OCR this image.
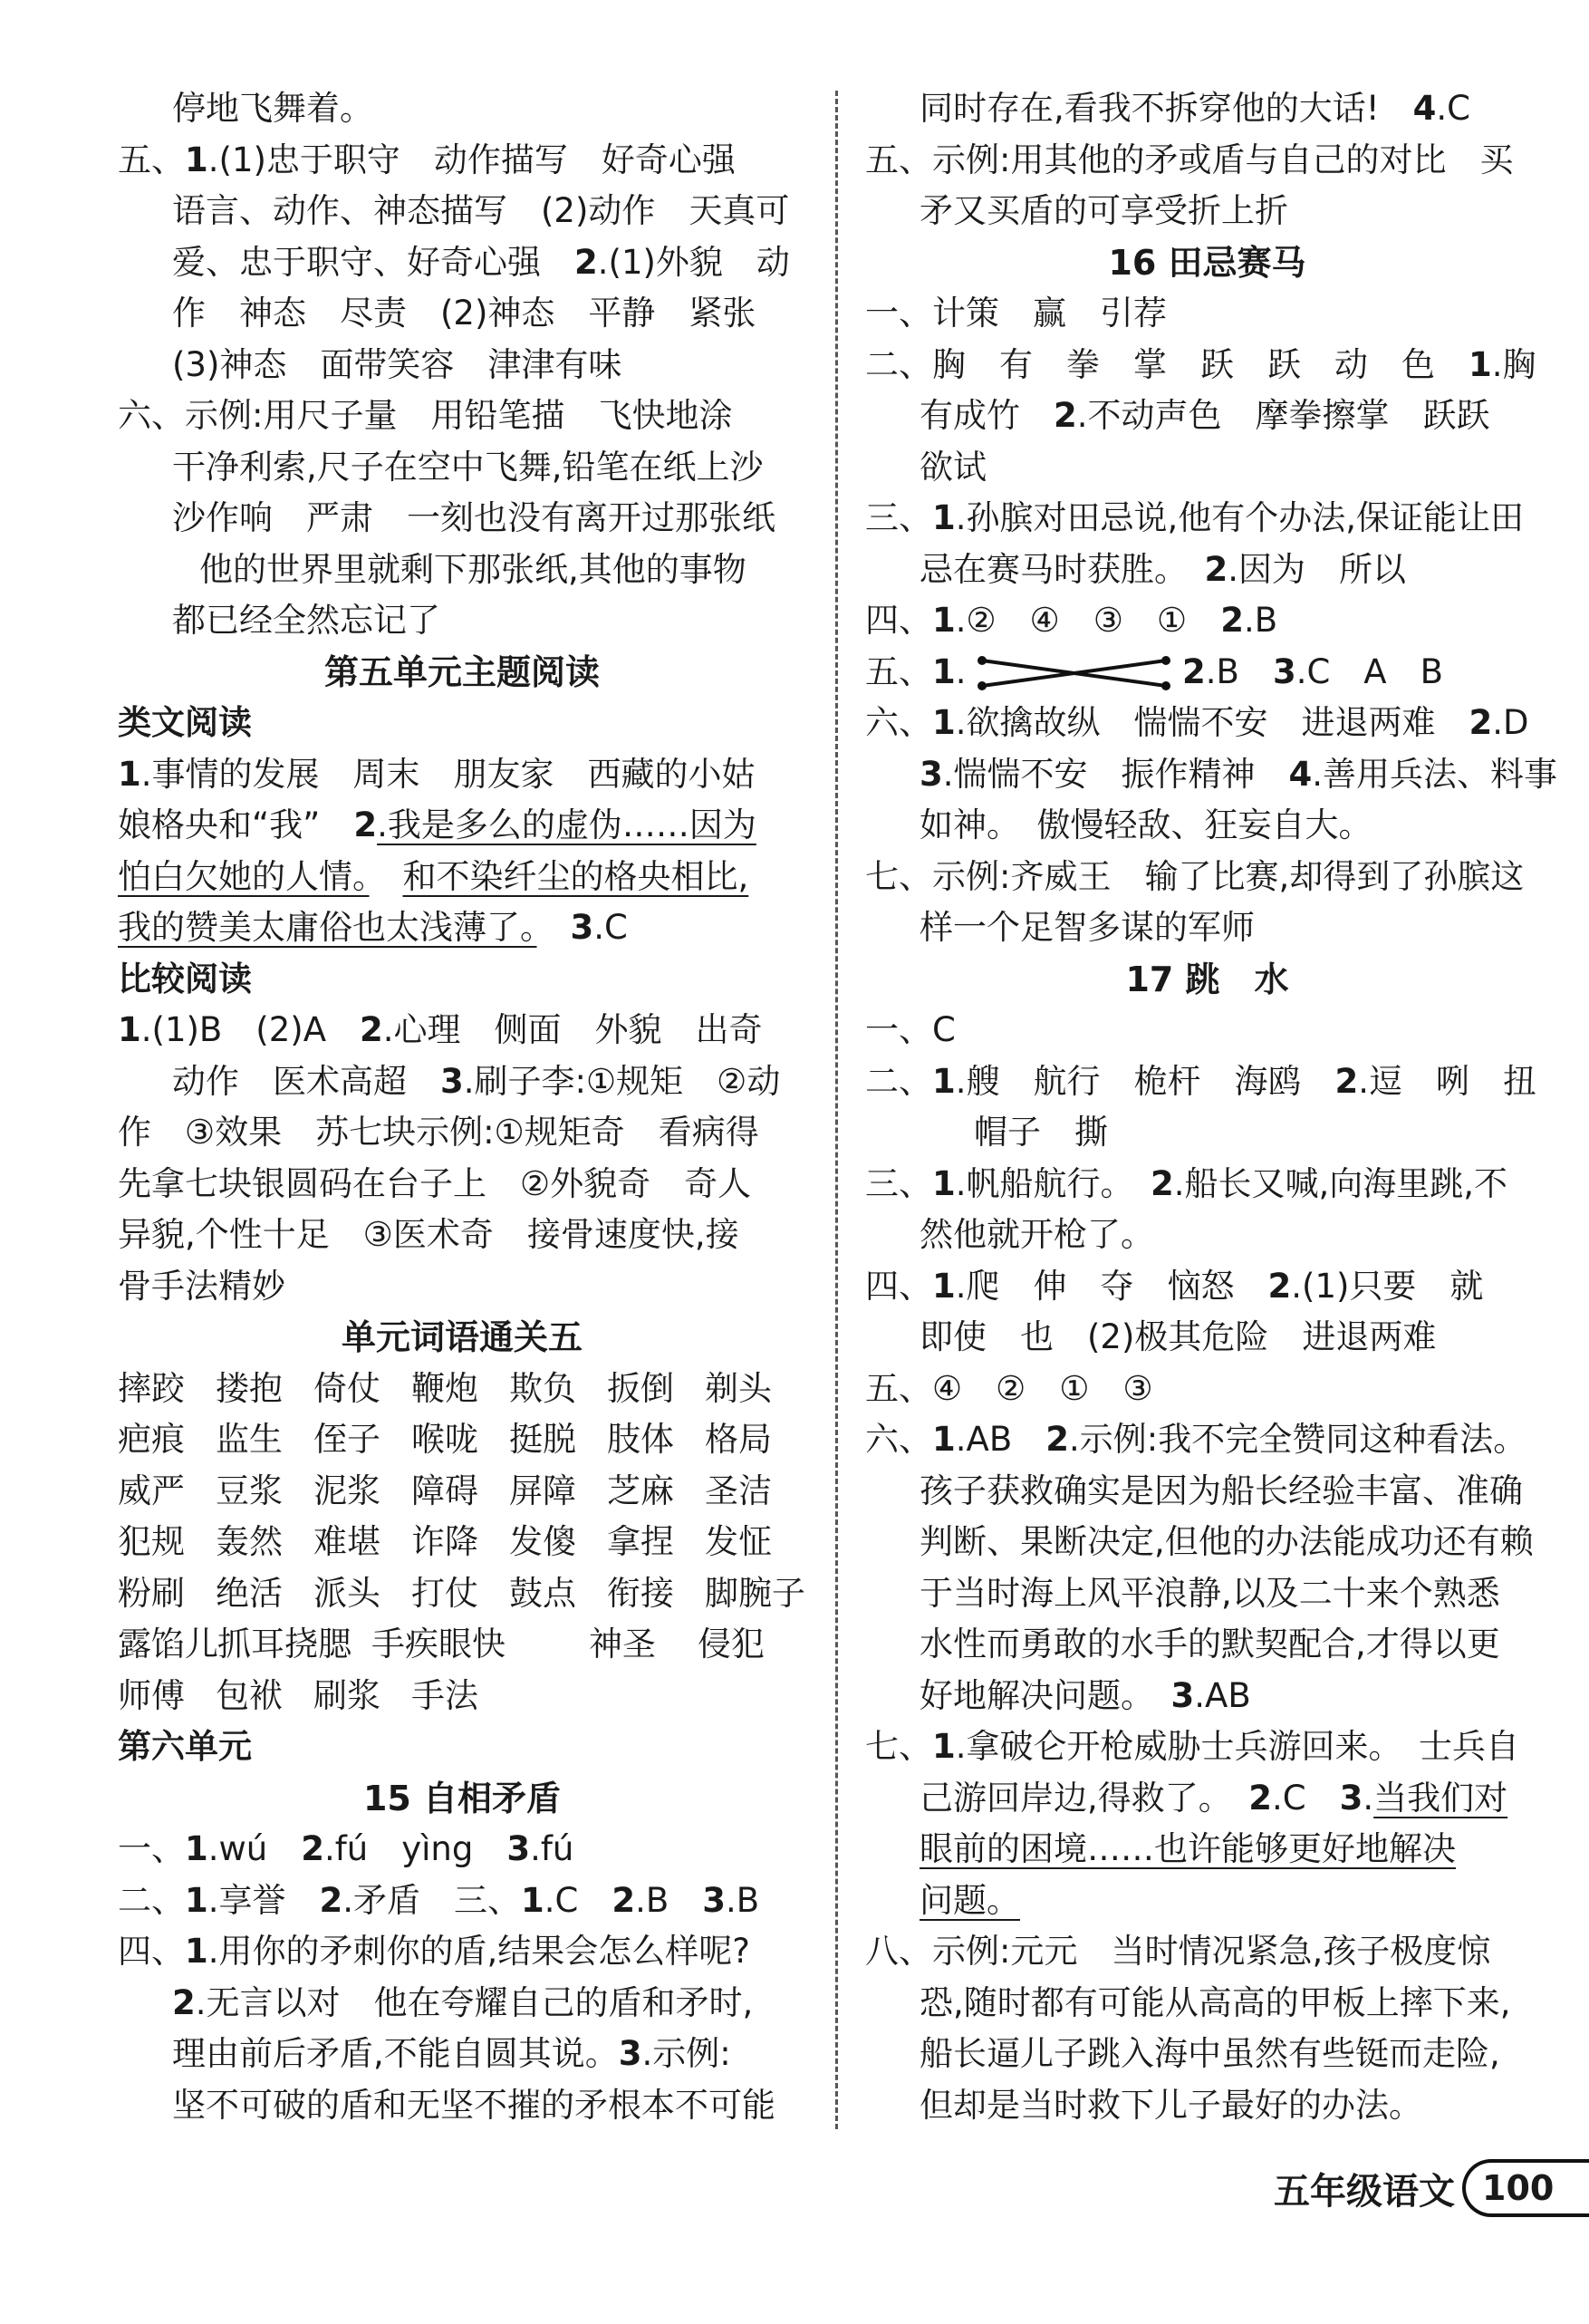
停地飞舞着。
五、1.(1)忠于职守　动作描写　好奇心强
语言、动作、神态描写　(2)动作　天真可
爱、忠于职守、好奇心强　2.(1)外貌　动
作　神态　尽责　(2)神态　平静　紧张
(3)神态　面带笑容　津津有味
六、示例:用尺子量　用铅笔描　飞快地涂
干净利索,尺子在空中飞舞,铅笔在纸上沙
沙作响　严肃　一刻也没有离开过那张纸
他的世界里就剩下那张纸,其他的事物
都已经全然忘记了
第五单元主题阅读
类文阅读
1.事情的发展　周末　朋友家　西藏的小姑
娘格央和“我”　2.我是多么的虚伪……因为
怕白欠她的人情。　 和不染纤尘的格央相比,
我的赞美太庸俗也太浅薄了。　 3.C
比较阅读
1.(1)B　(2)A　2.心理　侧面　外貌　出奇
动作　医术高超　3.刷子李:①规矩　②动
作　③效果　苏七块示例:①规矩奇　看病得
先拿七块银圆码在台子上　②外貌奇　奇人
异貌,个性十足　③医术奇　接骨速度快,接
骨手法精妙
单元词语通关五
摔跤 搂抱 倚仗 鞭炮 欺负 扳倒 剃头
疤痕 监生 侄子 喉咙 挺脱 肢体 格局
威严 豆浆 泥浆 障碍 屏障 芝麻 圣洁
犯规 轰然 难堪 诈降 发傻 拿捏 发怔
粉刷 绝活 派头 打仗 鼓点 衔接 脚腕子
露馅儿 抓耳挠腮 手疾眼快	神圣	侵犯
师傅 包袱 刷浆 手法
第六单元
15 自相矛盾
一、1.wú　2.fú　yìng　3.fú
二、1.享誉　2.矛盾　三、1.C　2.B　3.B
四、1.用你的矛刺你的盾,结果会怎么样呢?
2.无言以对　他在夸耀自己的盾和矛时,
理由前后矛盾,不能自圆其说。3.示例:
坚不可破的盾和无坚不摧的矛根本不可能
同时存在,看我不拆穿他的大话!　4.C
五、示例:用其他的矛或盾与自己的对比　买
矛又买盾的可享受折上折
16 田忌赛马
一、计策　赢　引荐
二、胸　有　拳　掌　跃　跃　动　色　1.胸
有成竹　2.不动声色　摩拳擦掌　跃跃
欲试
三、1.孙膑对田忌说,他有个办法,保证能让田
忌在赛马时获胜。　2.因为　所以
四、1.②　④　③　①　2.B
五、1.	2.B　3.C　A　B
六、1.欲擒故纵　惴惴不安　进退两难　2.D
3.惴惴不安　振作精神　4.善用兵法、料事
如神。　傲慢轻敌、狂妄自大。
七、示例:齐威王　输了比赛,却得到了孙膑这
样一个足智多谋的军师
17 跳　水
一、C
二、1.艘　航行　桅杆　海鸥　2.逗　咧　扭
帽子　撕
三、1.帆船航行。　2.船长又喊,向海里跳,不
然他就开枪了。
四、1.爬　伸　夺　恼怒　2.(1)只要　就
即使　也　(2)极其危险　进退两难
五、④　②　①　③
六、1.AB　2.示例:我不完全赞同这种看法。
孩子获救确实是因为船长经验丰富、准确
判断、果断决定,但他的办法能成功还有赖
于当时海上风平浪静,以及二十来个熟悉
水性而勇敢的水手的默契配合,才得以更
好地解决问题。　3.AB
七、1.拿破仑开枪威胁士兵游回来。　士兵自
己游回岸边,得救了。　2.C　3.当我们对
眼前的困境……也许能够更好地解决
问题。
八、示例:元元　当时情况紧急,孩子极度惊
恐,随时都有可能从高高的甲板上摔下来,
船长逼儿子跳入海中虽然有些铤而走险,
但却是当时救下儿子最好的办法。
五年级语文 100
